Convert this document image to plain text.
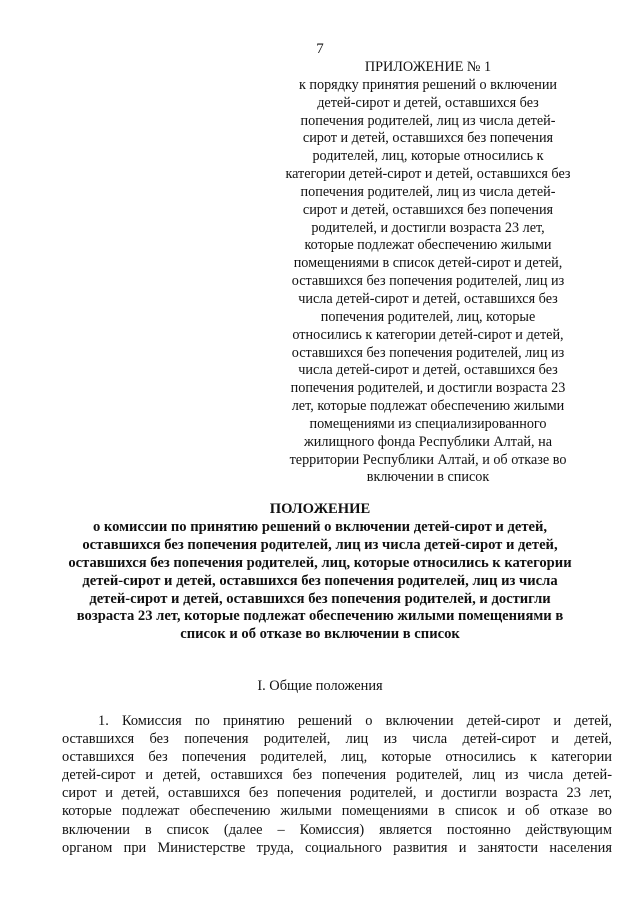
7
ПРИЛОЖЕНИЕ № 1
к порядку принятия решений о включении
детей-сирот и детей, оставшихся без
попечения родителей, лиц из числа детей-
сирот и детей, оставшихся без попечения
родителей, лиц, которые относились к
категории детей-сирот и детей, оставшихся без
попечения родителей, лиц из числа детей-
сирот и детей, оставшихся без попечения
родителей, и достигли возраста 23 лет,
которые подлежат обеспечению жилыми
помещениями в список детей-сирот и детей,
оставшихся без попечения родителей, лиц из
числа детей-сирот и детей, оставшихся без
попечения родителей, лиц, которые
относились к категории детей-сирот и детей,
оставшихся без попечения родителей, лиц из
числа детей-сирот и детей, оставшихся без
попечения родителей, и достигли возраста 23
лет, которые подлежат обеспечению жилыми
помещениями из специализированного
жилищного фонда Республики Алтай, на
территории Республики Алтай, и об отказе во
включении в список
ПОЛОЖЕНИЕ
о комиссии по принятию решений о включении детей-сирот и детей,
оставшихся без попечения родителей, лиц из числа детей-сирот и детей,
оставшихся без попечения родителей, лиц, которые относились к категории
детей-сирот и детей, оставшихся без попечения родителей, лиц из числа
детей-сирот и детей, оставшихся без попечения родителей, и достигли
возраста 23 лет, которые подлежат обеспечению жилыми помещениями в
список и об отказе во включении в список
I. Общие положения
1. Комиссия по принятию решений о включении детей-сирот и детей,
оставшихся без попечения родителей, лиц из числа детей-сирот и детей,
оставшихся без попечения родителей, лиц, которые относились к категории
детей-сирот и детей, оставшихся без попечения родителей, лиц из числа детей-
сирот и детей, оставшихся без попечения родителей, и достигли возраста 23 лет,
которые подлежат обеспечению жилыми помещениями в список и об отказе во
включении в список (далее – Комиссия) является постоянно действующим
органом при Министерстве труда, социального развития и занятости населения
